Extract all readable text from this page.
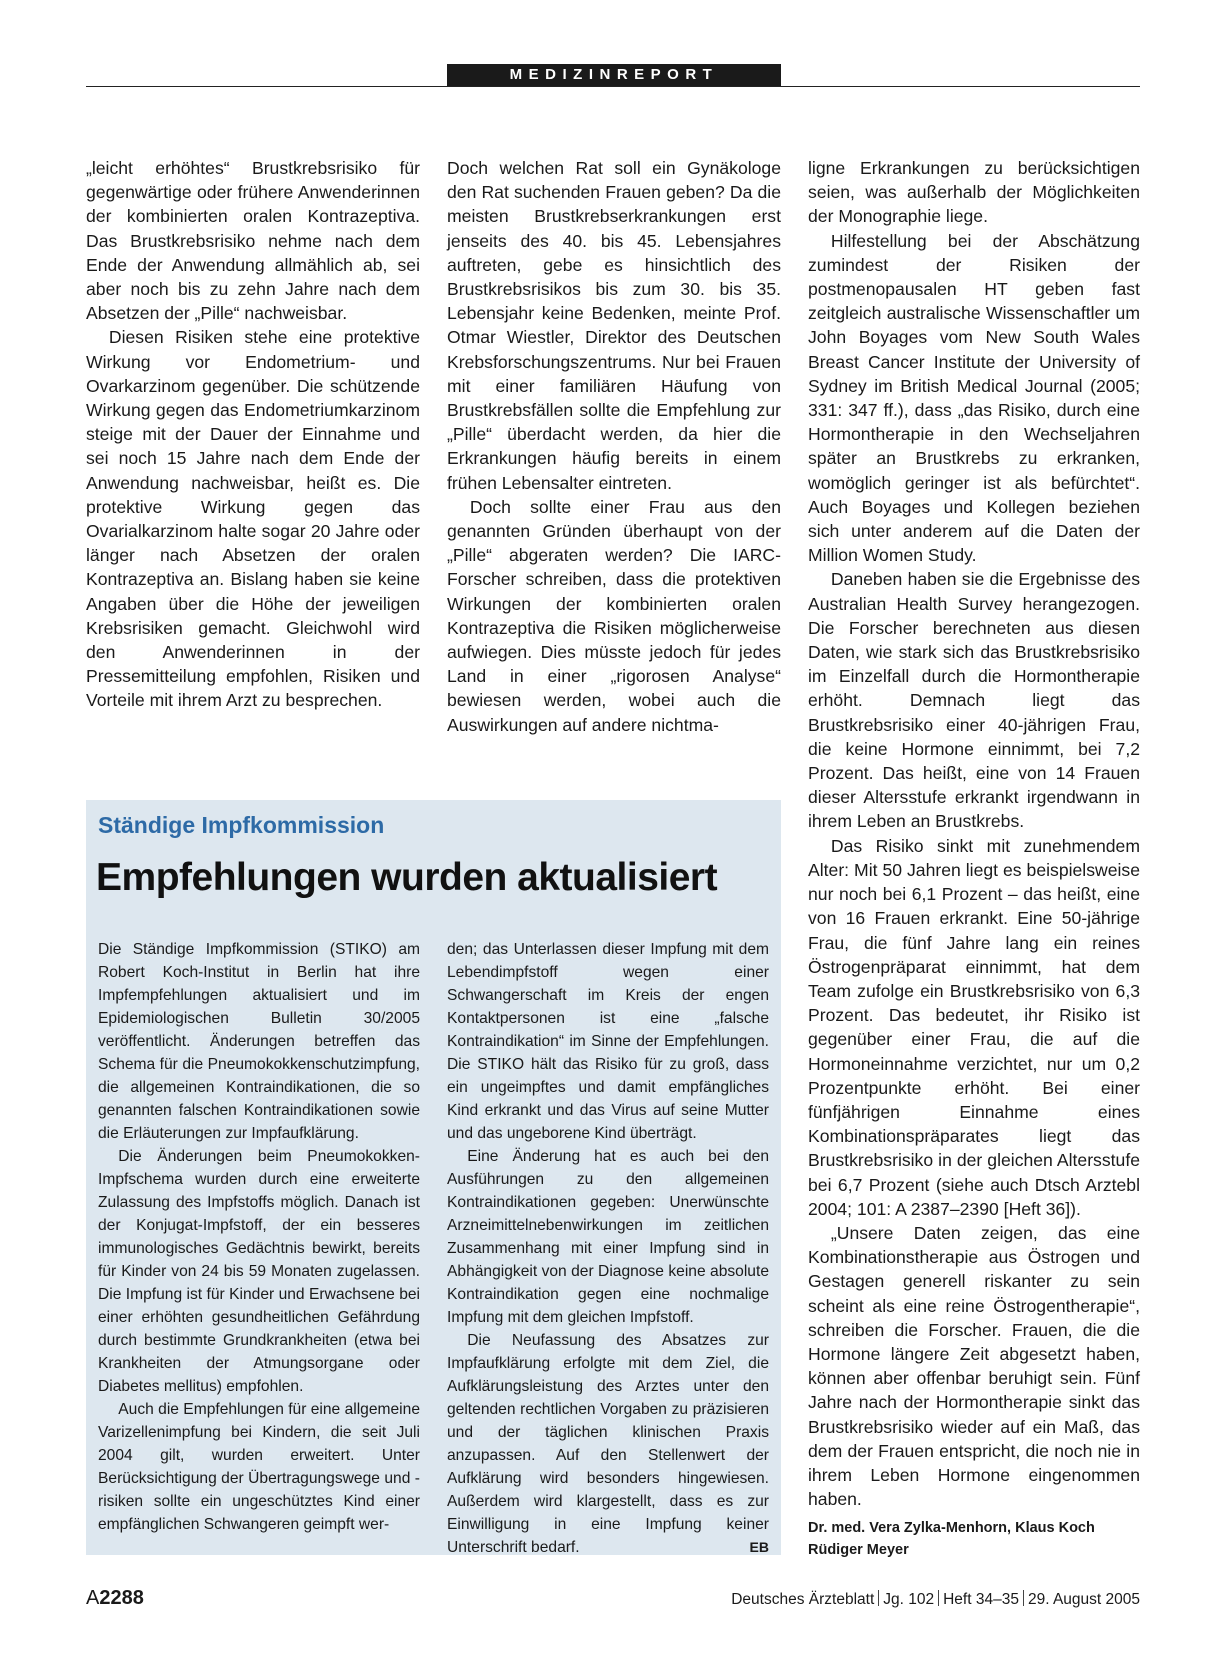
MEDIZINREPORT

„leicht erhöhtes“ Brustkrebsrisiko für gegenwärtige oder frühere Anwenderinnen der kombinierten oralen Kontrazeptiva. Das Brustkrebsrisiko nehme nach dem Ende der Anwendung allmählich ab, sei aber noch bis zu zehn Jahre nach dem Absetzen der „Pille“ nachweisbar.

Diesen Risiken stehe eine protektive Wirkung vor Endometrium- und Ovarkarzinom gegenüber. Die schützende Wirkung gegen das Endometriumkarzinom steige mit der Dauer der Einnahme und sei noch 15 Jahre nach dem Ende der Anwendung nachweisbar, heißt es. Die protektive Wirkung gegen das Ovarialkarzinom halte sogar 20 Jahre oder länger nach Absetzen der oralen Kontrazeptiva an. Bislang haben sie keine Angaben über die Höhe der jeweiligen Krebsrisiken gemacht. Gleichwohl wird den Anwenderinnen in der Pressemitteilung empfohlen, Risiken und Vorteile mit ihrem Arzt zu besprechen.

Doch welchen Rat soll ein Gynäkologe den Rat suchenden Frauen geben? Da die meisten Brustkrebserkrankungen erst jenseits des 40. bis 45. Lebensjahres auftreten, gebe es hinsichtlich des Brustkrebsrisikos bis zum 30. bis 35. Lebensjahr keine Bedenken, meinte Prof. Otmar Wiestler, Direktor des Deutschen Krebsforschungszentrums. Nur bei Frauen mit einer familiären Häufung von Brustkrebsfällen sollte die Empfehlung zur „Pille“ überdacht werden, da hier die Erkrankungen häufig bereits in einem frühen Lebensalter eintreten.

Doch sollte einer Frau aus den genannten Gründen überhaupt von der „Pille“ abgeraten werden? Die IARC-Forscher schreiben, dass die protektiven Wirkungen der kombinierten oralen Kontrazeptiva die Risiken möglicherweise aufwiegen. Dies müsste jedoch für jedes Land in einer „rigorosen Analyse“ bewiesen werden, wobei auch die Auswirkungen auf andere nichtma-

ligne Erkrankungen zu berücksichtigen seien, was außerhalb der Möglichkeiten der Monographie liege.

Hilfestellung bei der Abschätzung zumindest der Risiken der postmenopausalen HT geben fast zeitgleich australische Wissenschaftler um John Boyages vom New South Wales Breast Cancer Institute der University of Sydney im British Medical Journal (2005; 331: 347 ff.), dass „das Risiko, durch eine Hormontherapie in den Wechseljahren später an Brustkrebs zu erkranken, womöglich geringer ist als befürchtet“. Auch Boyages und Kollegen beziehen sich unter anderem auf die Daten der Million Women Study.

Daneben haben sie die Ergebnisse des Australian Health Survey herangezogen. Die Forscher berechneten aus diesen Daten, wie stark sich das Brustkrebsrisiko im Einzelfall durch die Hormontherapie erhöht. Demnach liegt das Brustkrebsrisiko einer 40-jährigen Frau, die keine Hormone einnimmt, bei 7,2 Prozent. Das heißt, eine von 14 Frauen dieser Altersstufe erkrankt irgendwann in ihrem Leben an Brustkrebs.

Das Risiko sinkt mit zunehmendem Alter: Mit 50 Jahren liegt es beispielsweise nur noch bei 6,1 Prozent – das heißt, eine von 16 Frauen erkrankt. Eine 50-jährige Frau, die fünf Jahre lang ein reines Östrogenpräparat einnimmt, hat dem Team zufolge ein Brustkrebsrisiko von 6,3 Prozent. Das bedeutet, ihr Risiko ist gegenüber einer Frau, die auf die Hormoneinnahme verzichtet, nur um 0,2 Prozentpunkte erhöht. Bei einer fünfjährigen Einnahme eines Kombinationspräparates liegt das Brustkrebsrisiko in der gleichen Altersstufe bei 6,7 Prozent (siehe auch Dtsch Arztebl 2004; 101: A 2387–2390 [Heft 36]).

„Unsere Daten zeigen, das eine Kombinationstherapie aus Östrogen und Gestagen generell riskanter zu sein scheint als eine reine Östrogentherapie“, schreiben die Forscher. Frauen, die die Hormone längere Zeit abgesetzt haben, können aber offenbar beruhigt sein. Fünf Jahre nach der Hormontherapie sinkt das Brustkrebsrisiko wieder auf ein Maß, das dem der Frauen entspricht, die noch nie in ihrem Leben Hormone eingenommen haben.

Dr. med. Vera Zylka-Menhorn, Klaus Koch
Rüdiger Meyer
Ständige Impfkommission
Empfehlungen wurden aktualisiert

Die Ständige Impfkommission (STIKO) am Robert Koch-Institut in Berlin hat ihre Impfempfehlungen aktualisiert und im Epidemiologischen Bulletin 30/2005 veröffentlicht. Änderungen betreffen das Schema für die Pneumokokkenschutzimpfung, die allgemeinen Kontraindikationen, die so genannten falschen Kontraindikationen sowie die Erläuterungen zur Impfaufklärung.

Die Änderungen beim Pneumokokken-Impfschema wurden durch eine erweiterte Zulassung des Impfstoffs möglich. Danach ist der Konjugat-Impfstoff, der ein besseres immunologisches Gedächtnis bewirkt, bereits für Kinder von 24 bis 59 Monaten zugelassen. Die Impfung ist für Kinder und Erwachsene bei einer erhöhten gesundheitlichen Gefährdung durch bestimmte Grundkrankheiten (etwa bei Krankheiten der Atmungsorgane oder Diabetes mellitus) empfohlen.

Auch die Empfehlungen für eine allgemeine Varizellenimpfung bei Kindern, die seit Juli 2004 gilt, wurden erweitert. Unter Berücksichtigung der Übertragungswege und -risiken sollte ein ungeschütztes Kind einer empfänglichen Schwangeren geimpft wer-

den; das Unterlassen dieser Impfung mit dem Lebendimpfstoff wegen einer Schwangerschaft im Kreis der engen Kontaktpersonen ist eine „falsche Kontraindikation“ im Sinne der Empfehlungen. Die STIKO hält das Risiko für zu groß, dass ein ungeimpftes und damit empfängliches Kind erkrankt und das Virus auf seine Mutter und das ungeborene Kind überträgt.

Eine Änderung hat es auch bei den Ausführungen zu den allgemeinen Kontraindikationen gegeben: Unerwünschte Arzneimittelnebenwirkungen im zeitlichen Zusammenhang mit einer Impfung sind in Abhängigkeit von der Diagnose keine absolute Kontraindikation gegen eine nochmalige Impfung mit dem gleichen Impfstoff.

Die Neufassung des Absatzes zur Impfaufklärung erfolgte mit dem Ziel, die Aufklärungsleistung des Arztes unter den geltenden rechtlichen Vorgaben zu präzisieren und der täglichen klinischen Praxis anzupassen. Auf den Stellenwert der Aufklärung wird besonders hingewiesen. Außerdem wird klargestellt, dass es zur Einwilligung in eine Impfung keiner Unterschrift bedarf.	EB

A2288	Deutsches Ärzteblatt Jg. 102 Heft 34–35 29. August 2005
